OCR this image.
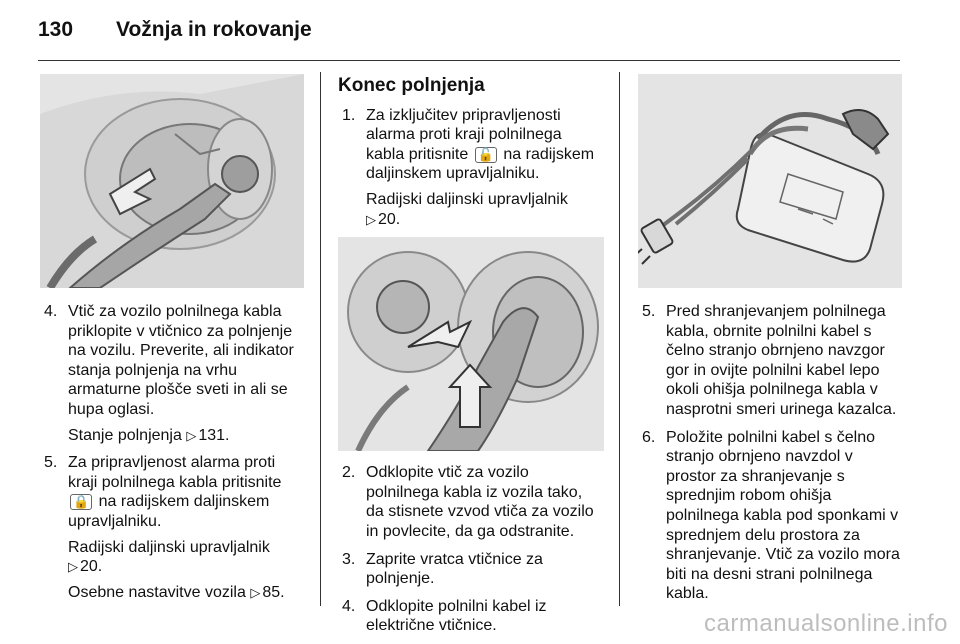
130 Vožnja in rokovanje
4. Vtič za vozilo polnilnega kabla priklopite v vtičnico za polnjenje na vozilu. Preverite, ali indikator stanja polnjenja na vrhu armaturne plošče sveti in ali se hupa oglasi.

Stanje polnjenja ▷ 131.

5. Za pripravljenost alarma proti kraji polnilnega kabla pritisnite 🔒 na radijskem daljinskem upravljalniku.

Radijski daljinski upravljalnik
▷ 20.

Osebne nastavitve vozila ▷ 85.

Konec polnjenja
1. Za izključitev pripravljenosti alarma proti kraji polnilnega kabla pritisnite 🔓 na radijskem daljinskem upravljalniku.

Radijski daljinski upravljalnik
▷ 20.

2. Odklopite vtič za vozilo polnilnega kabla iz vozila tako, da stisnete vzvod vtiča za vozilo in povlecite, da ga odstranite.

3. Zaprite vratca vtičnice za polnjenje.

4. Odklopite polnilni kabel iz električne vtičnice.

5. Pred shranjevanjem polnilnega kabla, obrnite polnilni kabel s čelno stranjo obrnjeno navzgor gor in ovijte polnilni kabel lepo okoli ohišja polnilnega kabla v nasprotni smeri urinega kazalca.

6. Položite polnilni kabel s čelno stranjo obrnjeno navzdol v prostor za shranjevanje s sprednjim robom ohišja polnilnega kabla pod sponkami v sprednjem delu prostora za shranjevanje. Vtič za vozilo mora biti na desni strani polnilnega kabla.

carmanualsonline.info
